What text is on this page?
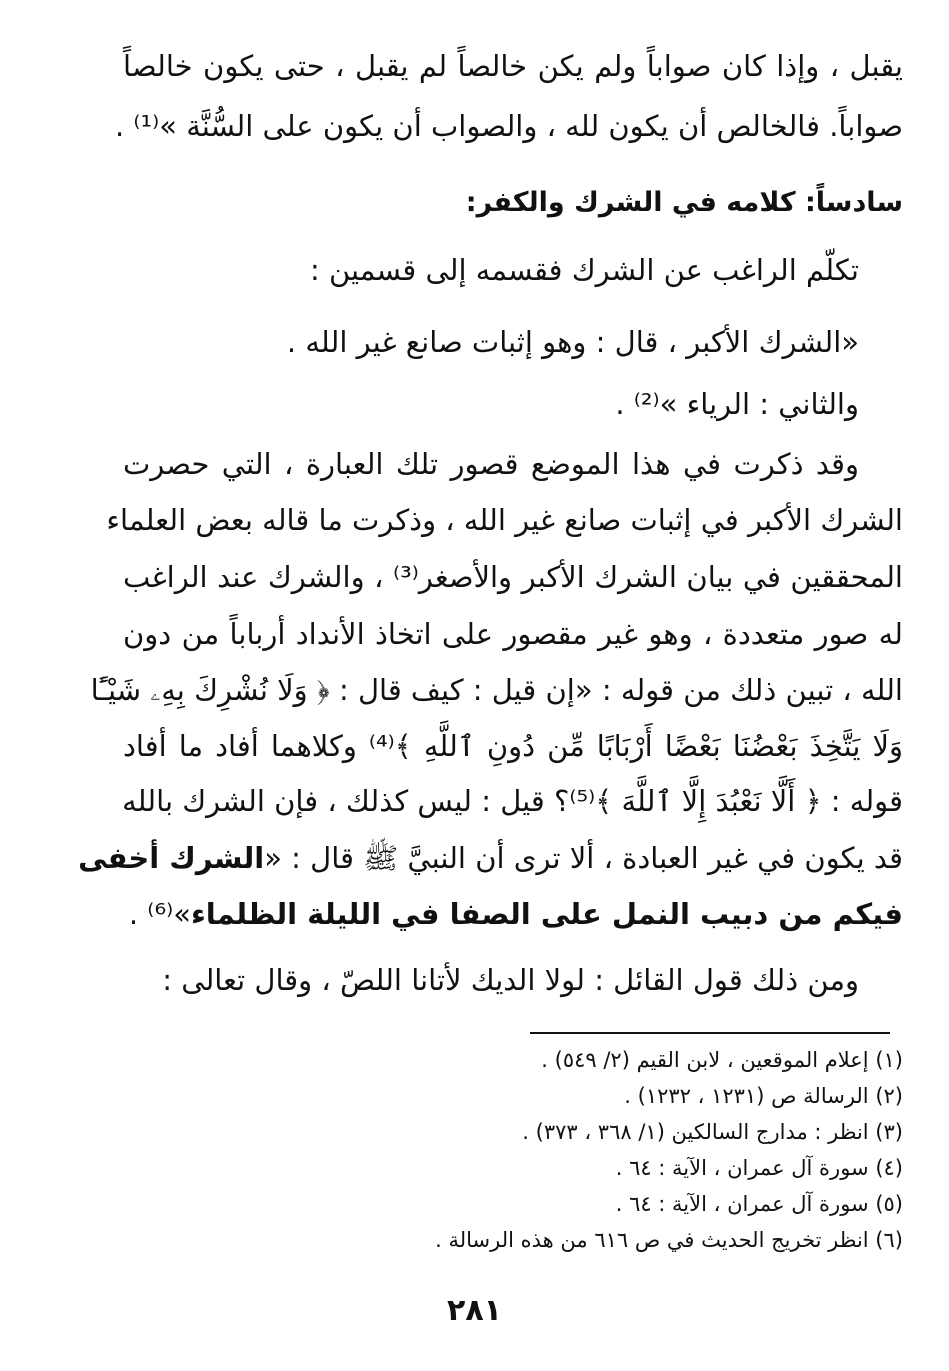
يقبل ، وإذا كان صواباً ولم يكن خالصاً لم يقبل ، حتى يكون خالصاً
صواباً. فالخالص أن يكون لله ، والصواب أن يكون على السُّنَّة »⁽¹⁾ .
سادساً: كلامه في الشرك والكفر:
تكلّم الراغب عن الشرك فقسمه إلى قسمين :
«الشرك الأكبر ، قال : وهو إثبات صانع غير الله .
والثاني : الرياء »⁽²⁾ .
وقد ذكرت في هذا الموضع قصور تلك العبارة ، التي حصرت
الشرك الأكبر في إثبات صانع غير الله ، وذكرت ما قاله بعض العلماء
المحققين في بيان الشرك الأكبر والأصغر⁽³⁾ ، والشرك عند الراغب
له صور متعددة ، وهو غير مقصور على اتخاذ الأنداد أرباباً من دون
الله ، تبين ذلك من قوله : «إن قيل : كيف قال : ﴿ وَلَا نُشْرِكَ بِهِۦ شَيْـًٔا
وَلَا يَتَّخِذَ بَعْضُنَا بَعْضًا أَرْبَابًا مِّن دُونِ ٱللَّهِ ﴾⁽⁴⁾ وكلاهما أفاد ما أفاد
قوله : ﴿ أَلَّا نَعْبُدَ إِلَّا ٱللَّهَ ﴾⁽⁵⁾؟ قيل : ليس كذلك ، فإن الشرك بالله
قد يكون في غير العبادة ، ألا ترى أن النبيَّ ﷺ قال : «الشرك أخفى
فيكم من دبيب النمل على الصفا في الليلة الظلماء»⁽⁶⁾ .
ومن ذلك قول القائل : لولا الديك لأتانا اللصّ ، وقال تعالى :
(١) إعلام الموقعين ، لابن القيم (٢/ ٥٤٩) .
(٢) الرسالة ص (١٢٣١ ، ١٢٣٢) .
(٣) انظر : مدارج السالكين (١/ ٣٦٨ ، ٣٧٣) .
(٤) سورة آل عمران ، الآية : ٦٤ .
(٥) سورة آل عمران ، الآية : ٦٤ .
(٦) انظر تخريج الحديث في ص ٦١٦ من هذه الرسالة .
٢٨١
